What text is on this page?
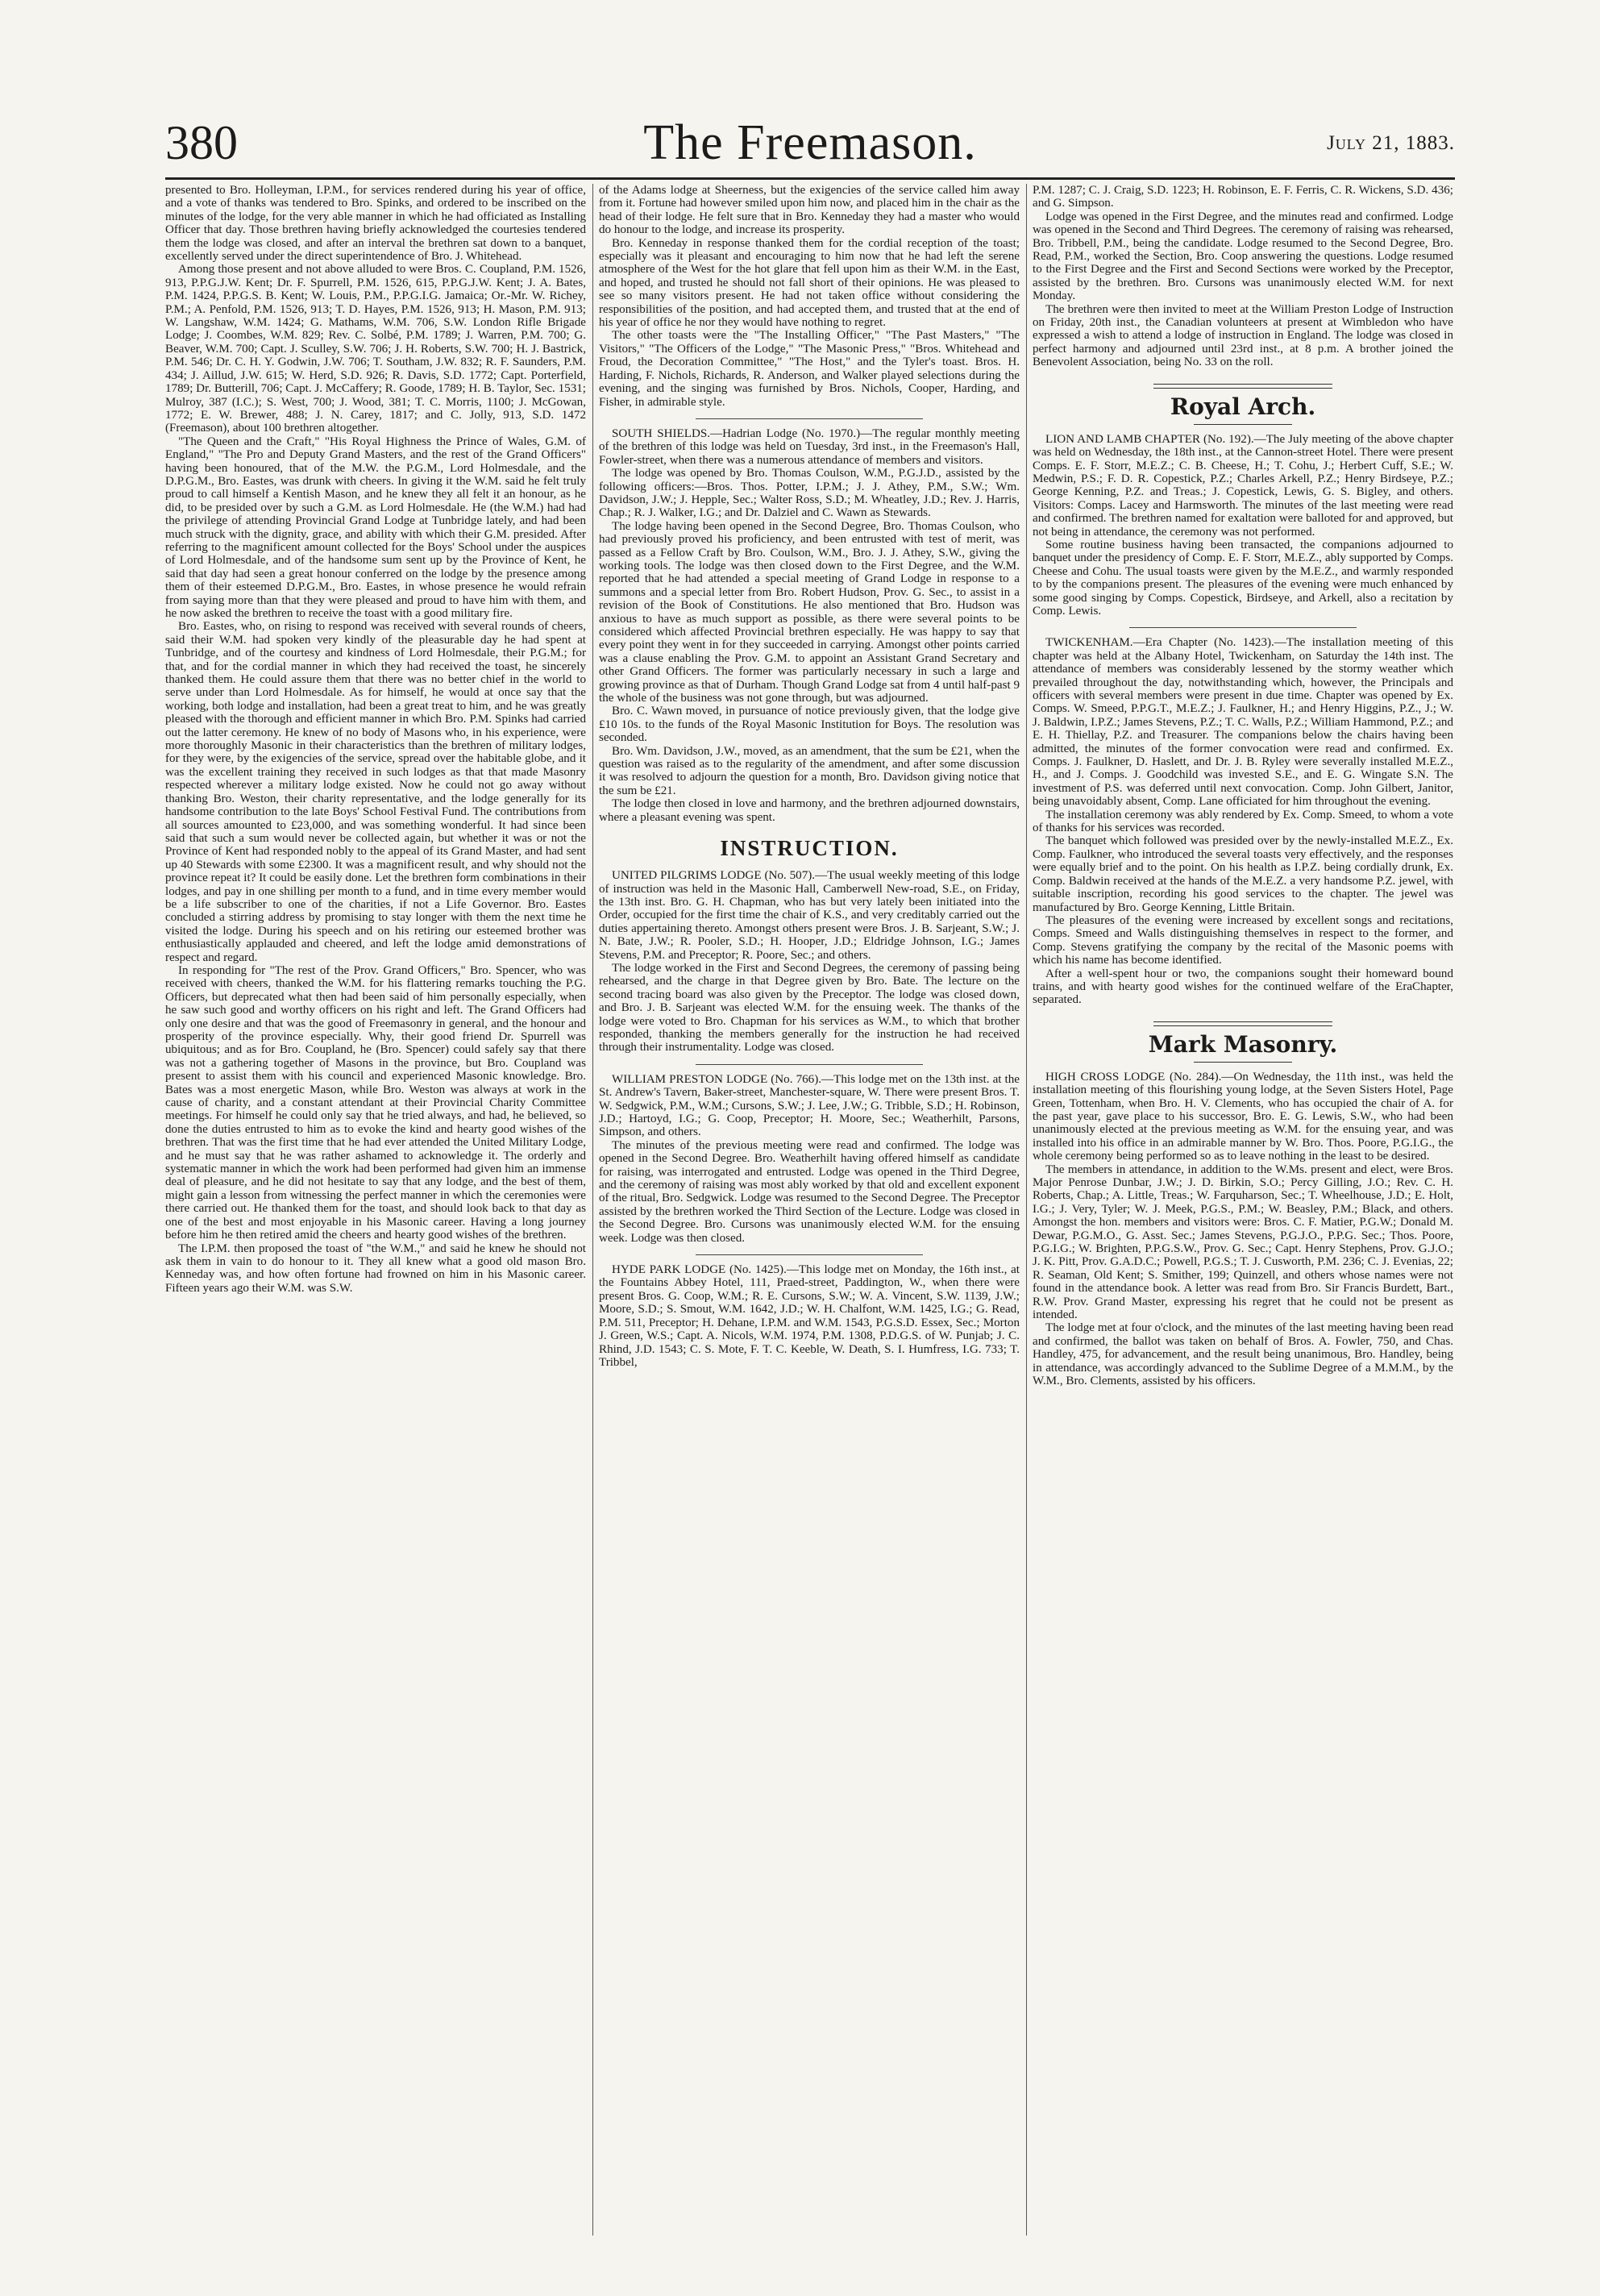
380	The Freemason.	July 21, 1883.

presented to Bro. Holleyman, I.P.M., for services rendered during his year of office, and a vote of thanks was tendered to Bro. Spinks, and ordered to be inscribed on the minutes of the lodge, for the very able manner in which he had officiated as Installing Officer that day. Those brethren having briefly acknowledged the courtesies tendered them the lodge was closed, and after an interval the brethren sat down to a banquet, excellently served under the direct superintendence of Bro. J. Whitehead.

Among those present and not above alluded to were Bros. C. Coupland, P.M. 1526, 913, P.P.G.J.W. Kent; Dr. F. Spurrell, P.M. 1526, 615, P.P.G.J.W. Kent; J. A. Bates, P.M. 1424, P.P.G.S. B. Kent; W. Louis, P.M., P.P.G.I.G. Jamaica; Or.-Mr. W. Richey, P.M.; A. Penfold, P.M. 1526, 913; T. D. Hayes, P.M. 1526, 913; H. Mason, P.M. 913; W. Langshaw, W.M. 1424; G. Mathams, W.M. 706, S.W. London Rifle Brigade Lodge; J. Coombes, W.M. 829; Rev. C. Solbé, P.M. 1789; J. Warren, P.M. 700; G. Beaver, W.M. 700; Capt. J. Sculley, S.W. 706; J. H. Roberts, S.W. 700; H. J. Bastrick, P.M. 546; Dr. C. H. Y. Godwin, J.W. 706; T. Southam, J.W. 832; R. F. Saunders, P.M. 434; J. Aillud, J.W. 615; W. Herd, S.D. 926; R. Davis, S.D. 1772; Capt. Porterfield, 1789; Dr. Butterill, 706; Capt. J. McCaffery; R. Goode, 1789; H. B. Taylor, Sec. 1531; Mulroy, 387 (I.C.); S. West, 700; J. Wood, 381; T. C. Morris, 1100; J. McGowan, 1772; E. W. Brewer, 488; J. N. Carey, 1817; and C. Jolly, 913, S.D. 1472 (Freemason), about 100 brethren altogether.

"The Queen and the Craft," "His Royal Highness the Prince of Wales, G.M. of England," "The Pro and Deputy Grand Masters, and the rest of the Grand Officers" having been honoured, that of the M.W. the P.G.M., Lord Holmesdale, and the D.P.G.M., Bro. Eastes, was drunk with cheers. In giving it the W.M. said he felt truly proud to call himself a Kentish Mason, and he knew they all felt it an honour, as he did, to be presided over by such a G.M. as Lord Holmesdale. He (the W.M.) had had the privilege of attending Provincial Grand Lodge at Tunbridge lately, and had been much struck with the dignity, grace, and ability with which their G.M. presided. After referring to the magnificent amount collected for the Boys' School under the auspices of Lord Holmesdale, and of the handsome sum sent up by the Province of Kent, he said that day had seen a great honour conferred on the lodge by the presence among them of their esteemed D.P.G.M., Bro. Eastes, in whose presence he would refrain from saying more than that they were pleased and proud to have him with them, and he now asked the brethren to receive the toast with a good military fire.

Bro. Eastes, who, on rising to respond was received with several rounds of cheers, said their W.M. had spoken very kindly of the pleasurable day he had spent at Tunbridge, and of the courtesy and kindness of Lord Holmesdale, their P.G.M.; for that, and for the cordial manner in which they had received the toast, he sincerely thanked them. He could assure them that there was no better chief in the world to serve under than Lord Holmesdale. As for himself, he would at once say that the working, both lodge and installation, had been a great treat to him, and he was greatly pleased with the thorough and efficient manner in which Bro. P.M. Spinks had carried out the latter ceremony. He knew of no body of Masons who, in his experience, were more thoroughly Masonic in their characteristics than the brethren of military lodges, for they were, by the exigencies of the service, spread over the habitable globe, and it was the excellent training they received in such lodges as that that made Masonry respected wherever a military lodge existed. Now he could not go away without thanking Bro. Weston, their charity representative, and the lodge generally for its handsome contribution to the late Boys' School Festival Fund. The contributions from all sources amounted to £23,000, and was something wonderful. It had since been said that such a sum would never be collected again, but whether it was or not the Province of Kent had responded nobly to the appeal of its Grand Master, and had sent up 40 Stewards with some £2300. It was a magnificent result, and why should not the province repeat it? It could be easily done. Let the brethren form combinations in their lodges, and pay in one shilling per month to a fund, and in time every member would be a life subscriber to one of the charities, if not a Life Governor. Bro. Eastes concluded a stirring address by promising to stay longer with them the next time he visited the lodge. During his speech and on his retiring our esteemed brother was enthusiastically applauded and cheered, and left the lodge amid demonstrations of respect and regard.

In responding for "The rest of the Prov. Grand Officers," Bro. Spencer, who was received with cheers, thanked the W.M. for his flattering remarks touching the P.G. Officers, but deprecated what then had been said of him personally especially, when he saw such good and worthy officers on his right and left. The Grand Officers had only one desire and that was the good of Freemasonry in general, and the honour and prosperity of the province especially. Why, their good friend Dr. Spurrell was ubiquitous; and as for Bro. Coupland, he (Bro. Spencer) could safely say that there was not a gathering together of Masons in the province, but Bro. Coupland was present to assist them with his council and experienced Masonic knowledge. Bro. Bates was a most energetic Mason, while Bro. Weston was always at work in the cause of charity, and a constant attendant at their Provincial Charity Committee meetings. For himself he could only say that he tried always, and had, he believed, so done the duties entrusted to him as to evoke the kind and hearty good wishes of the brethren. That was the first time that he had ever attended the United Military Lodge, and he must say that he was rather ashamed to acknowledge it. The orderly and systematic manner in which the work had been performed had given him an immense deal of pleasure, and he did not hesitate to say that any lodge, and the best of them, might gain a lesson from witnessing the perfect manner in which the ceremonies were there carried out. He thanked them for the toast, and should look back to that day as one of the best and most enjoyable in his Masonic career. Having a long journey before him he then retired amid the cheers and hearty good wishes of the brethren.

The I.P.M. then proposed the toast of "the W.M.," and said he knew he should not ask them in vain to do honour to it. They all knew what a good old mason Bro. Kenneday was, and how often fortune had frowned on him in his Masonic career. Fifteen years ago their W.M. was S.W.

of the Adams lodge at Sheerness, but the exigencies of the service called him away from it. Fortune had however smiled upon him now, and placed him in the chair as the head of their lodge. He felt sure that in Bro. Kenneday they had a master who would do honour to the lodge, and increase its prosperity.

Bro. Kenneday in response thanked them for the cordial reception of the toast; especially was it pleasant and encouraging to him now that he had left the serene atmosphere of the West for the hot glare that fell upon him as their W.M. in the East, and hoped, and trusted he should not fall short of their opinions. He was pleased to see so many visitors present. He had not taken office without considering the responsibilities of the position, and had accepted them, and trusted that at the end of his year of office he nor they would have nothing to regret.

The other toasts were the "The Installing Officer," "The Past Masters," "The Visitors," "The Officers of the Lodge," "The Masonic Press," "Bros. Whitehead and Froud, the Decoration Committee," "The Host," and the Tyler's toast. Bros. H. Harding, F. Nichols, Richards, R. Anderson, and Walker played selections during the evening, and the singing was furnished by Bros. Nichols, Cooper, Harding, and Fisher, in admirable style.

SOUTH SHIELDS.—Hadrian Lodge (No. 1970.)—The regular monthly meeting of the brethren of this lodge was held on Tuesday, 3rd inst., in the Freemason's Hall, Fowler-street, when there was a numerous attendance of members and visitors.

The lodge was opened by Bro. Thomas Coulson, W.M., P.G.J.D., assisted by the following officers:—Bros. Thos. Potter, I.P.M.; J. J. Athey, P.M., S.W.; Wm. Davidson, J.W.; J. Hepple, Sec.; Walter Ross, S.D.; M. Wheatley, J.D.; Rev. J. Harris, Chap.; R. J. Walker, I.G.; and Dr. Dalziel and C. Wawn as Stewards.

The lodge having been opened in the Second Degree, Bro. Thomas Coulson, who had previously proved his proficiency, and been entrusted with test of merit, was passed as a Fellow Craft by Bro. Coulson, W.M., Bro. J. J. Athey, S.W., giving the working tools. The lodge was then closed down to the First Degree, and the W.M. reported that he had attended a special meeting of Grand Lodge in response to a summons and a special letter from Bro. Robert Hudson, Prov. G. Sec., to assist in a revision of the Book of Constitutions. He also mentioned that Bro. Hudson was anxious to have as much support as possible, as there were several points to be considered which affected Provincial brethren especially. He was happy to say that every point they went in for they succeeded in carrying. Amongst other points carried was a clause enabling the Prov. G.M. to appoint an Assistant Grand Secretary and other Grand Officers. The former was particularly necessary in such a large and growing province as that of Durham. Though Grand Lodge sat from 4 until half-past 9 the whole of the business was not gone through, but was adjourned.

Bro. C. Wawn moved, in pursuance of notice previously given, that the lodge give £10 10s. to the funds of the Royal Masonic Institution for Boys. The resolution was seconded.

Bro. Wm. Davidson, J.W., moved, as an amendment, that the sum be £21, when the question was raised as to the regularity of the amendment, and after some discussion it was resolved to adjourn the question for a month, Bro. Davidson giving notice that the sum be £21.

The lodge then closed in love and harmony, and the brethren adjourned downstairs, where a pleasant evening was spent.

INSTRUCTION.

UNITED PILGRIMS LODGE (No. 507).—The usual weekly meeting of this lodge of instruction was held in the Masonic Hall, Camberwell New-road, S.E., on Friday, the 13th inst. Bro. G. H. Chapman, who has but very lately been initiated into the Order, occupied for the first time the chair of K.S., and very creditably carried out the duties appertaining thereto. Amongst others present were Bros. J. B. Sarjeant, S.W.; J. N. Bate, J.W.; R. Pooler, S.D.; H. Hooper, J.D.; Eldridge Johnson, I.G.; James Stevens, P.M. and Preceptor; R. Poore, Sec.; and others.

The lodge worked in the First and Second Degrees, the ceremony of passing being rehearsed, and the charge in that Degree given by Bro. Bate. The lecture on the second tracing board was also given by the Preceptor. The lodge was closed down, and Bro. J. B. Sarjeant was elected W.M. for the ensuing week. The thanks of the lodge were voted to Bro. Chapman for his services as W.M., to which that brother responded, thanking the members generally for the instruction he had received through their instrumentality. Lodge was closed.

WILLIAM PRESTON LODGE (No. 766).—This lodge met on the 13th inst. at the St. Andrew's Tavern, Baker-street, Manchester-square, W. There were present Bros. T. W. Sedgwick, P.M., W.M.; Cursons, S.W.; J. Lee, J.W.; G. Tribble, S.D.; H. Robinson, J.D.; Hartoyd, I.G.; G. Coop, Preceptor; H. Moore, Sec.; Weatherhilt, Parsons, Simpson, and others.

The minutes of the previous meeting were read and confirmed. The lodge was opened in the Second Degree. Bro. Weatherhilt having offered himself as candidate for raising, was interrogated and entrusted. Lodge was opened in the Third Degree, and the ceremony of raising was most ably worked by that old and excellent exponent of the ritual, Bro. Sedgwick. Lodge was resumed to the Second Degree. The Preceptor assisted by the brethren worked the Third Section of the Lecture. Lodge was closed in the Second Degree. Bro. Cursons was unanimously elected W.M. for the ensuing week. Lodge was then closed.

HYDE PARK LODGE (No. 1425).—This lodge met on Monday, the 16th inst., at the Fountains Abbey Hotel, 111, Praed-street, Paddington, W., when there were present Bros. G. Coop, W.M.; R. E. Cursons, S.W.; W. A. Vincent, S.W. 1139, J.W.; Moore, S.D.; S. Smout, W.M. 1642, J.D.; W. H. Chalfont, W.M. 1425, I.G.; G. Read, P.M. 511, Preceptor; H. Dehane, I.P.M. and W.M. 1543, P.G.S.D. Essex, Sec.; Morton J. Green, W.S.; Capt. A. Nicols, W.M. 1974, P.M. 1308, P.D.G.S. of W. Punjab; J. C. Rhind, J.D. 1543; C. S. Mote, F. T. C. Keeble, W. Death, S. I. Humfress, I.G. 733; T. Tribbel,

P.M. 1287; C. J. Craig, S.D. 1223; H. Robinson, E. F. Ferris, C. R. Wickens, S.D. 436; and G. Simpson.

Lodge was opened in the First Degree, and the minutes read and confirmed. Lodge was opened in the Second and Third Degrees. The ceremony of raising was rehearsed, Bro. Tribbell, P.M., being the candidate. Lodge resumed to the Second Degree, Bro. Read, P.M., worked the Section, Bro. Coop answering the questions. Lodge resumed to the First Degree and the First and Second Sections were worked by the Preceptor, assisted by the brethren. Bro. Cursons was unanimously elected W.M. for next Monday.

The brethren were then invited to meet at the William Preston Lodge of Instruction on Friday, 20th inst., the Canadian volunteers at present at Wimbledon who have expressed a wish to attend a lodge of instruction in England. The lodge was closed in perfect harmony and adjourned until 23rd inst., at 8 p.m. A brother joined the Benevolent Association, being No. 33 on the roll.

Royal Arch.

LION AND LAMB CHAPTER (No. 192).—The July meeting of the above chapter was held on Wednesday, the 18th inst., at the Cannon-street Hotel. There were present Comps. E. F. Storr, M.E.Z.; C. B. Cheese, H.; T. Cohu, J.; Herbert Cuff, S.E.; W. Medwin, P.S.; F. D. R. Copestick, P.Z.; Charles Arkell, P.Z.; Henry Birdseye, P.Z.; George Kenning, P.Z. and Treas.; J. Copestick, Lewis, G. S. Bigley, and others. Visitors: Comps. Lacey and Harmsworth. The minutes of the last meeting were read and confirmed. The brethren named for exaltation were balloted for and approved, but not being in attendance, the ceremony was not performed.

Some routine business having been transacted, the companions adjourned to banquet under the presidency of Comp. E. F. Storr, M.E.Z., ably supported by Comps. Cheese and Cohu. The usual toasts were given by the M.E.Z., and warmly responded to by the companions present. The pleasures of the evening were much enhanced by some good singing by Comps. Copestick, Birdseye, and Arkell, also a recitation by Comp. Lewis.

TWICKENHAM.—Era Chapter (No. 1423).—The installation meeting of this chapter was held at the Albany Hotel, Twickenham, on Saturday the 14th inst. The attendance of members was considerably lessened by the stormy weather which prevailed throughout the day, notwithstanding which, however, the Principals and officers with several members were present in due time. Chapter was opened by Ex. Comps. W. Smeed, P.P.G.T., M.E.Z.; J. Faulkner, H.; and Henry Higgins, P.Z., J.; W. J. Baldwin, I.P.Z.; James Stevens, P.Z.; T. C. Walls, P.Z.; William Hammond, P.Z.; and E. H. Thiellay, P.Z. and Treasurer. The companions below the chairs having been admitted, the minutes of the former convocation were read and confirmed. Ex. Comps. J. Faulkner, D. Haslett, and Dr. J. B. Ryley were severally installed M.E.Z., H., and J. Comps. J. Goodchild was invested S.E., and E. G. Wingate S.N. The investment of P.S. was deferred until next convocation. Comp. John Gilbert, Janitor, being unavoidably absent, Comp. Lane officiated for him throughout the evening.

The installation ceremony was ably rendered by Ex. Comp. Smeed, to whom a vote of thanks for his services was recorded.

The banquet which followed was presided over by the newly-installed M.E.Z., Ex. Comp. Faulkner, who introduced the several toasts very effectively, and the responses were equally brief and to the point. On his health as I.P.Z. being cordially drunk, Ex. Comp. Baldwin received at the hands of the M.E.Z. a very handsome P.Z. jewel, with suitable inscription, recording his good services to the chapter. The jewel was manufactured by Bro. George Kenning, Little Britain.

The pleasures of the evening were increased by excellent songs and recitations, Comps. Smeed and Walls distinguishing themselves in respect to the former, and Comp. Stevens gratifying the company by the recital of the Masonic poems with which his name has become identified.

After a well-spent hour or two, the companions sought their homeward bound trains, and with hearty good wishes for the continued welfare of the EraChapter, separated.

Mark Masonry.

HIGH CROSS LODGE (No. 284).—On Wednesday, the 11th inst., was held the installation meeting of this flourishing young lodge, at the Seven Sisters Hotel, Page Green, Tottenham, when Bro. H. V. Clements, who has occupied the chair of A. for the past year, gave place to his successor, Bro. E. G. Lewis, S.W., who had been unanimously elected at the previous meeting as W.M. for the ensuing year, and was installed into his office in an admirable manner by W. Bro. Thos. Poore, P.G.I.G., the whole ceremony being performed so as to leave nothing in the least to be desired.

The members in attendance, in addition to the W.Ms. present and elect, were Bros. Major Penrose Dunbar, J.W.; J. D. Birkin, S.O.; Percy Gilling, J.O.; Rev. C. H. Roberts, Chap.; A. Little, Treas.; W. Farquharson, Sec.; T. Wheelhouse, J.D.; E. Holt, I.G.; J. Very, Tyler; W. J. Meek, P.G.S., P.M.; W. Beasley, P.M.; Black, and others. Amongst the hon. members and visitors were: Bros. C. F. Matier, P.G.W.; Donald M. Dewar, P.G.M.O., G. Asst. Sec.; James Stevens, P.G.J.O., P.P.G. Sec.; Thos. Poore, P.G.I.G.; W. Brighten, P.P.G.S.W., Prov. G. Sec.; Capt. Henry Stephens, Prov. G.J.O.; J. K. Pitt, Prov. G.A.D.C.; Powell, P.G.S.; T. J. Cusworth, P.M. 236; C. J. Evenias, 22; R. Seaman, Old Kent; S. Smither, 199; Quinzell, and others whose names were not found in the attendance book. A letter was read from Bro. Sir Francis Burdett, Bart., R.W. Prov. Grand Master, expressing his regret that he could not be present as intended.

The lodge met at four o'clock, and the minutes of the last meeting having been read and confirmed, the ballot was taken on behalf of Bros. A. Fowler, 750, and Chas. Handley, 475, for advancement, and the result being unanimous, Bro. Handley, being in attendance, was accordingly advanced to the Sublime Degree of a M.M.M., by the W.M., Bro. Clements, assisted by his officers.
